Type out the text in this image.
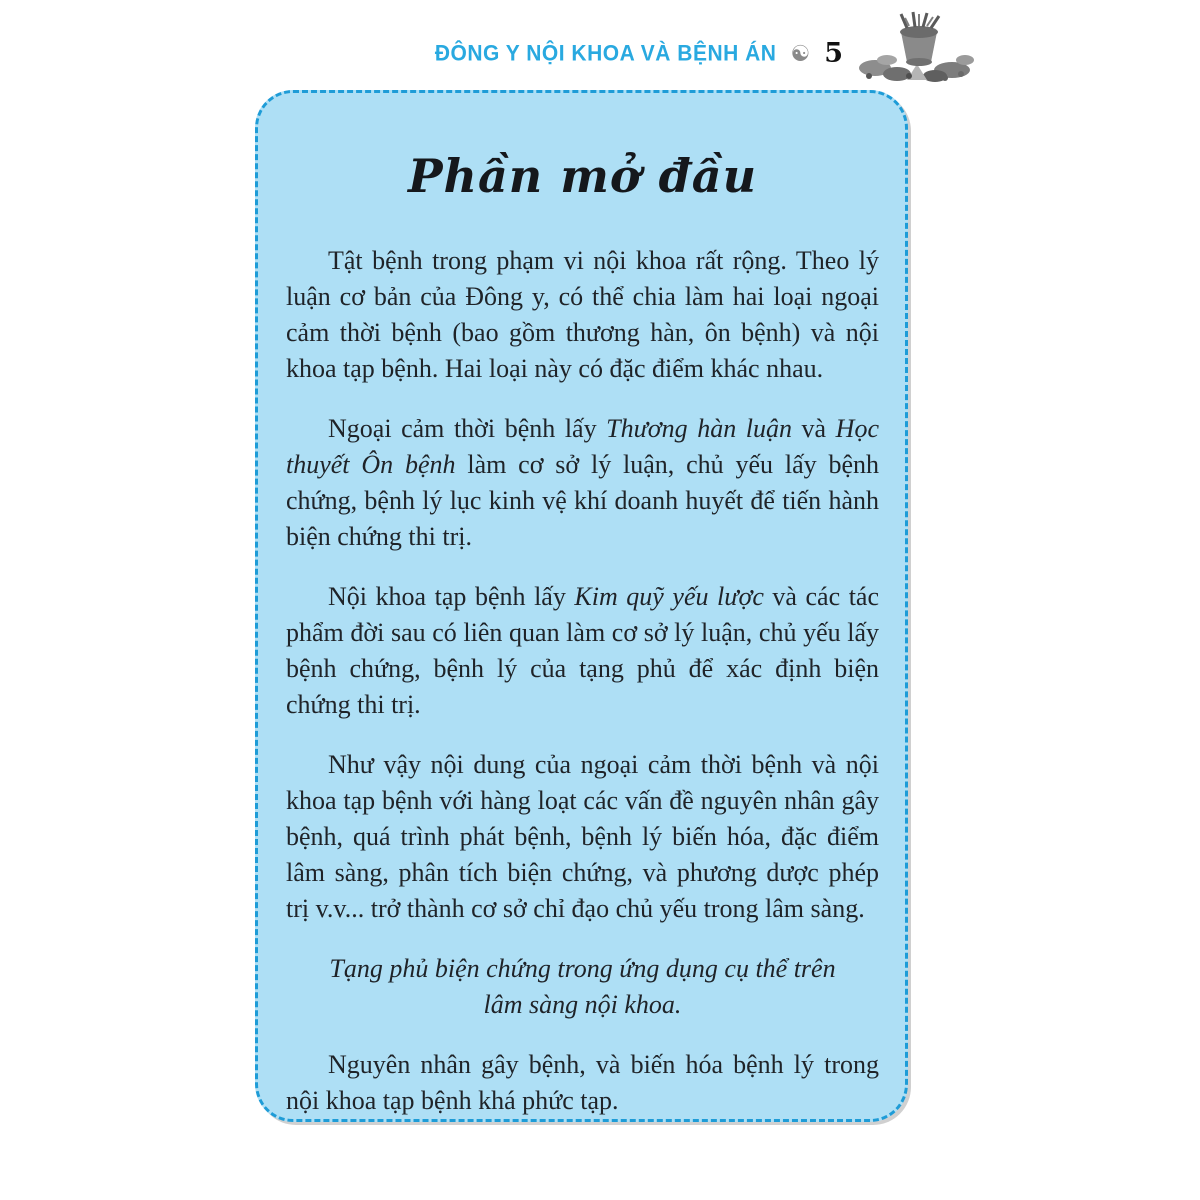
ĐÔNG Y NỘI KHOA VÀ BỆNH ÁN ☯ 5
Phần mở đầu

Tật bệnh trong phạm vi nội khoa rất rộng. Theo lý luận cơ bản của Đông y, có thể chia làm hai loại ngoại cảm thời bệnh (bao gồm thương hàn, ôn bệnh) và nội khoa tạp bệnh. Hai loại này có đặc điểm khác nhau.

Ngoại cảm thời bệnh lấy Thương hàn luận và Học thuyết Ôn bệnh làm cơ sở lý luận, chủ yếu lấy bệnh chứng, bệnh lý lục kinh vệ khí doanh huyết để tiến hành biện chứng thi trị.

Nội khoa tạp bệnh lấy Kim quỹ yếu lược và các tác phẩm đời sau có liên quan làm cơ sở lý luận, chủ yếu lấy bệnh chứng, bệnh lý của tạng phủ để xác định biện chứng thi trị.

Như vậy nội dung của ngoại cảm thời bệnh và nội khoa tạp bệnh với hàng loạt các vấn đề nguyên nhân gây bệnh, quá trình phát bệnh, bệnh lý biến hóa, đặc điểm lâm sàng, phân tích biện chứng, và phương dược phép trị v.v... trở thành cơ sở chỉ đạo chủ yếu trong lâm sàng.

Tạng phủ biện chứng trong ứng dụng cụ thể trên lâm sàng nội khoa.

Nguyên nhân gây bệnh, và biến hóa bệnh lý trong nội khoa tạp bệnh khá phức tạp.
